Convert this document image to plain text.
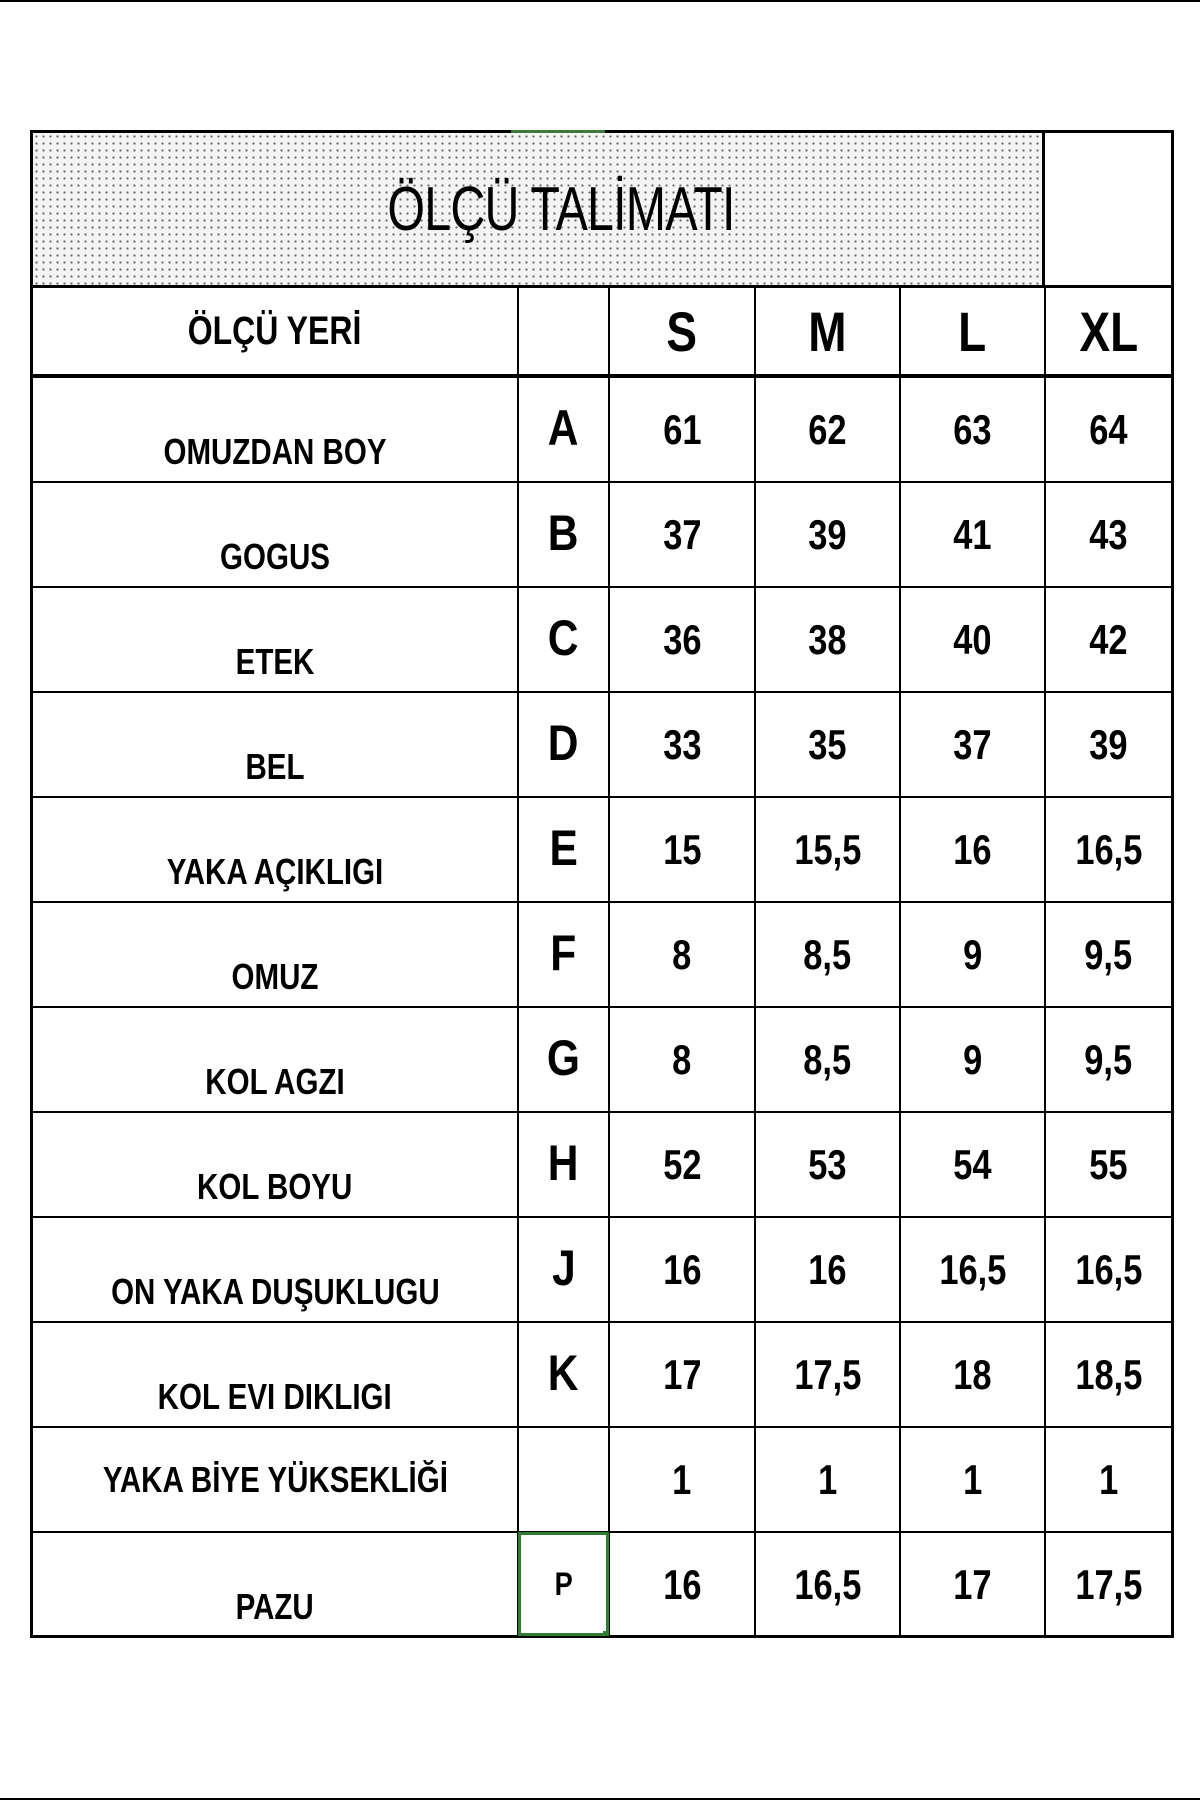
ÖLÇÜ TALİMATI
ÖLÇÜ YERİ		S	M	L	XL
OMUZDAN BOY	A	61	62	63	64
GOGUS	B	37	39	41	43
ETEK	C	36	38	40	42
BEL	D	33	35	37	39
YAKA AÇIKLIGI	E	15	15,5	16	16,5
OMUZ	F	8	8,5	9	9,5
KOL AGZI	G	8	8,5	9	9,5
KOL BOYU	H	52	53	54	55
ON YAKA DUŞUKLUGU	J	16	16	16,5	16,5
KOL EVI DIKLIGI	K	17	17,5	18	18,5
YAKA BİYE YÜKSEKLİĞİ		1	1	1	1
PAZU	P	16	16,5	17	17,5
